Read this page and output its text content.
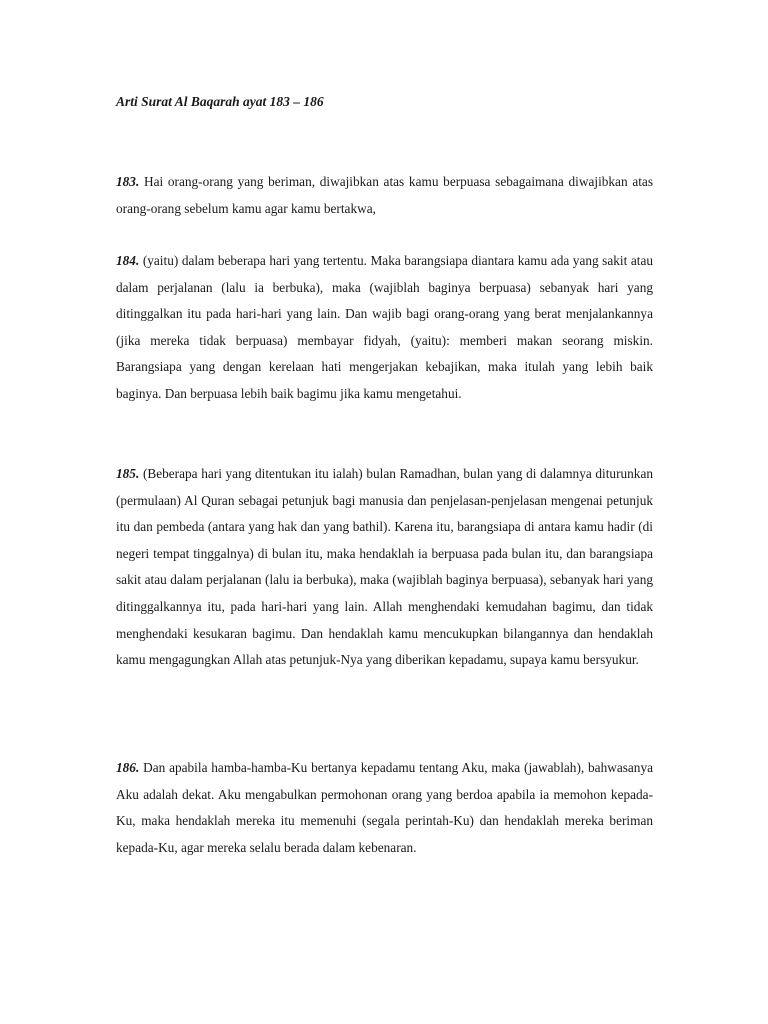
Arti Surat Al Baqarah ayat 183 – 186

183. Hai orang-orang yang beriman, diwajibkan atas kamu berpuasa sebagaimana diwajibkan atas orang-orang sebelum kamu agar kamu bertakwa,

184. (yaitu) dalam beberapa hari yang tertentu. Maka barangsiapa diantara kamu ada yang sakit atau dalam perjalanan (lalu ia berbuka), maka (wajiblah baginya berpuasa) sebanyak hari yang ditinggalkan itu pada hari-hari yang lain. Dan wajib bagi orang-orang yang berat menjalankannya (jika mereka tidak berpuasa) membayar fidyah, (yaitu): memberi makan seorang miskin. Barangsiapa yang dengan kerelaan hati mengerjakan kebajikan, maka itulah yang lebih baik baginya. Dan berpuasa lebih baik bagimu jika kamu mengetahui.

185. (Beberapa hari yang ditentukan itu ialah) bulan Ramadhan, bulan yang di dalamnya diturunkan (permulaan) Al Quran sebagai petunjuk bagi manusia dan penjelasan-penjelasan mengenai petunjuk itu dan pembeda (antara yang hak dan yang bathil). Karena itu, barangsiapa di antara kamu hadir (di negeri tempat tinggalnya) di bulan itu, maka hendaklah ia berpuasa pada bulan itu, dan barangsiapa sakit atau dalam perjalanan (lalu ia berbuka), maka (wajiblah baginya berpuasa), sebanyak hari yang ditinggalkannya itu, pada hari-hari yang lain. Allah menghendaki kemudahan bagimu, dan tidak menghendaki kesukaran bagimu. Dan hendaklah kamu mencukupkan bilangannya dan hendaklah kamu mengagungkan Allah atas petunjuk-Nya yang diberikan kepadamu, supaya kamu bersyukur.

186. Dan apabila hamba-hamba-Ku bertanya kepadamu tentang Aku, maka (jawablah), bahwasanya Aku adalah dekat. Aku mengabulkan permohonan orang yang berdoa apabila ia memohon kepada-Ku, maka hendaklah mereka itu memenuhi (segala perintah-Ku) dan hendaklah mereka beriman kepada-Ku, agar mereka selalu berada dalam kebenaran.
